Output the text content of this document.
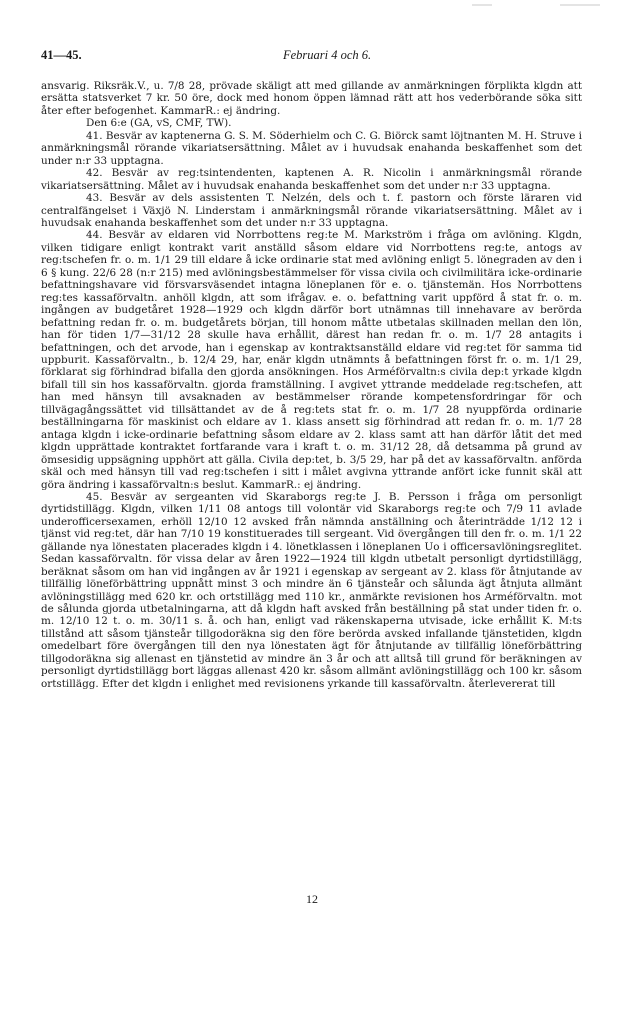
41—45.	Februari 4 och 6.

ansvarig. Riksräk.V., u. 7/8 28, prövade skäligt att med gillande av anmärkningen förplikta klgdn att ersätta statsverket 7 kr. 50 öre, dock med honom öppen lämnad rätt att hos vederbörande söka sitt åter efter befogenhet. KammarR.: ej ändring.

Den 6:e (GA, vS, CMF, TW).

41. Besvär av kaptenerna G. S. M. Söderhielm och C. G. Biörck samt löjtnanten M. H. Struve i anmärkningsmål rörande vikariatsersättning. Målet av i huvudsak enahanda beskaffenhet som det under n:r 33 upptagna.

42. Besvär av reg:tsintendenten, kaptenen A. R. Nicolin i anmärkningsmål rörande vikariatsersättning. Målet av i huvudsak enahanda beskaffenhet som det under n:r 33 upptagna.

43. Besvär av dels assistenten T. Nelzén, dels och t. f. pastorn och förste läraren vid centralfängelset i Växjö N. Linderstam i anmärkningsmål rörande vikariatsersättning. Målet av i huvudsak enahanda beskaffenhet som det under n:r 33 upptagna.

44. Besvär av eldaren vid Norrbottens reg:te M. Markström i fråga om avlöning. Klgdn, vilken tidigare enligt kontrakt varit anställd såsom eldare vid Norrbottens reg:te, antogs av reg:tschefen fr. o. m. 1/1 29 till eldare å icke ordinarie stat med avlöning enligt 5. lönegraden av den i 6 § kung. 22/6 28 (n:r 215) med avlöningsbestämmelser för vissa civila och civilmilitära icke-ordinarie befattningshavare vid försvarsväsendet intagna löneplanen för e. o. tjänstemän. Hos Norrbottens reg:tes kassaförvaltn. anhöll klgdn, att som ifrågav. e. o. befattning varit uppförd å stat fr. o. m. ingången av budgetåret 1928—1929 och klgdn därför bort utnämnas till innehavare av berörda befattning redan fr. o. m. budgetårets början, till honom måtte utbetalas skillnaden mellan den lön, han för tiden 1/7—31/12 28 skulle hava erhållit, därest han redan fr. o. m. 1/7 28 antagits i befattningen, och det arvode, han i egenskap av kontraktsanställd eldare vid reg:tet för samma tid uppburit. Kassaförvaltn., b. 12/4 29, har, enär klgdn utnämnts å befattningen först fr. o. m. 1/1 29, förklarat sig förhindrad bifalla den gjorda ansökningen. Hos Arméförvaltn:s civila dep:t yrkade klgdn bifall till sin hos kassaförvaltn. gjorda framställning. I avgivet yttrande meddelade reg:tschefen, att han med hänsyn till avsaknaden av bestämmelser rörande kompetensfordringar för och tillvägagångssättet vid tillsättandet av de å reg:tets stat fr. o. m. 1/7 28 nyuppförda ordinarie beställningarna för maskinist och eldare av 1. klass ansett sig förhindrad att redan fr. o. m. 1/7 28 antaga klgdn i icke-ordinarie befattning såsom eldare av 2. klass samt att han därför låtit det med klgdn upprättade kontraktet fortfarande vara i kraft t. o. m. 31/12 28, då detsamma på grund av ömsesidig uppsägning upphört att gälla. Civila dep:tet, b. 3/5 29, har på det av kassaförvaltn. anförda skäl och med hänsyn till vad reg:tschefen i sitt i målet avgivna yttrande anfört icke funnit skäl att göra ändring i kassaförvaltn:s beslut. KammarR.: ej ändring.

45. Besvär av sergeanten vid Skaraborgs reg:te J. B. Persson i fråga om personligt dyrtidstillägg. Klgdn, vilken 1/11 08 antogs till volontär vid Skaraborgs reg:te och 7/9 11 avlade underofficersexamen, erhöll 12/10 12 avsked från nämnda anställning och återinträdde 1/12 12 i tjänst vid reg:tet, där han 7/10 19 konstituerades till sergeant. Vid övergången till den fr. o. m. 1/1 22 gällande nya lönestaten placerades klgdn i 4. lönetklassen i löneplanen Uo i officersavlöningsreglitet. Sedan kassaförvaltn. för vissa delar av åren 1922—1924 till klgdn utbetalt personligt dyrtidstillägg, beräknat såsom om han vid ingången av år 1921 i egenskap av sergeant av 2. klass för åtnjutande av tillfällig löneförbättring uppnått minst 3 och mindre än 6 tjänsteår och sålunda ägt åtnjuta allmänt avlöningstillägg med 620 kr. och ortstillägg med 110 kr., anmärkte revisionen hos Arméförvaltn. mot de sålunda gjorda utbetalningarna, att då klgdn haft avsked från beställning på stat under tiden fr. o. m. 12/10 12 t. o. m. 30/11 s. å. och han, enligt vad räkenskaperna utvisade, icke erhållit K. M:ts tillstånd att såsom tjänsteår tillgodoräkna sig den före berörda avsked infallande tjänstetiden, klgdn omedelbart före övergången till den nya lönestaten ägt för åtnjutande av tillfällig löneförbättring tillgodoräkna sig allenast en tjänstetid av mindre än 3 år och att alltså till grund för beräkningen av personligt dyrtidstillägg bort läggas allenast 420 kr. såsom allmänt avlöningstillägg och 100 kr. såsom ortstillägg. Efter det klgdn i enlighet med revisionens yrkande till kassaförvaltn. återlevererat till

12
